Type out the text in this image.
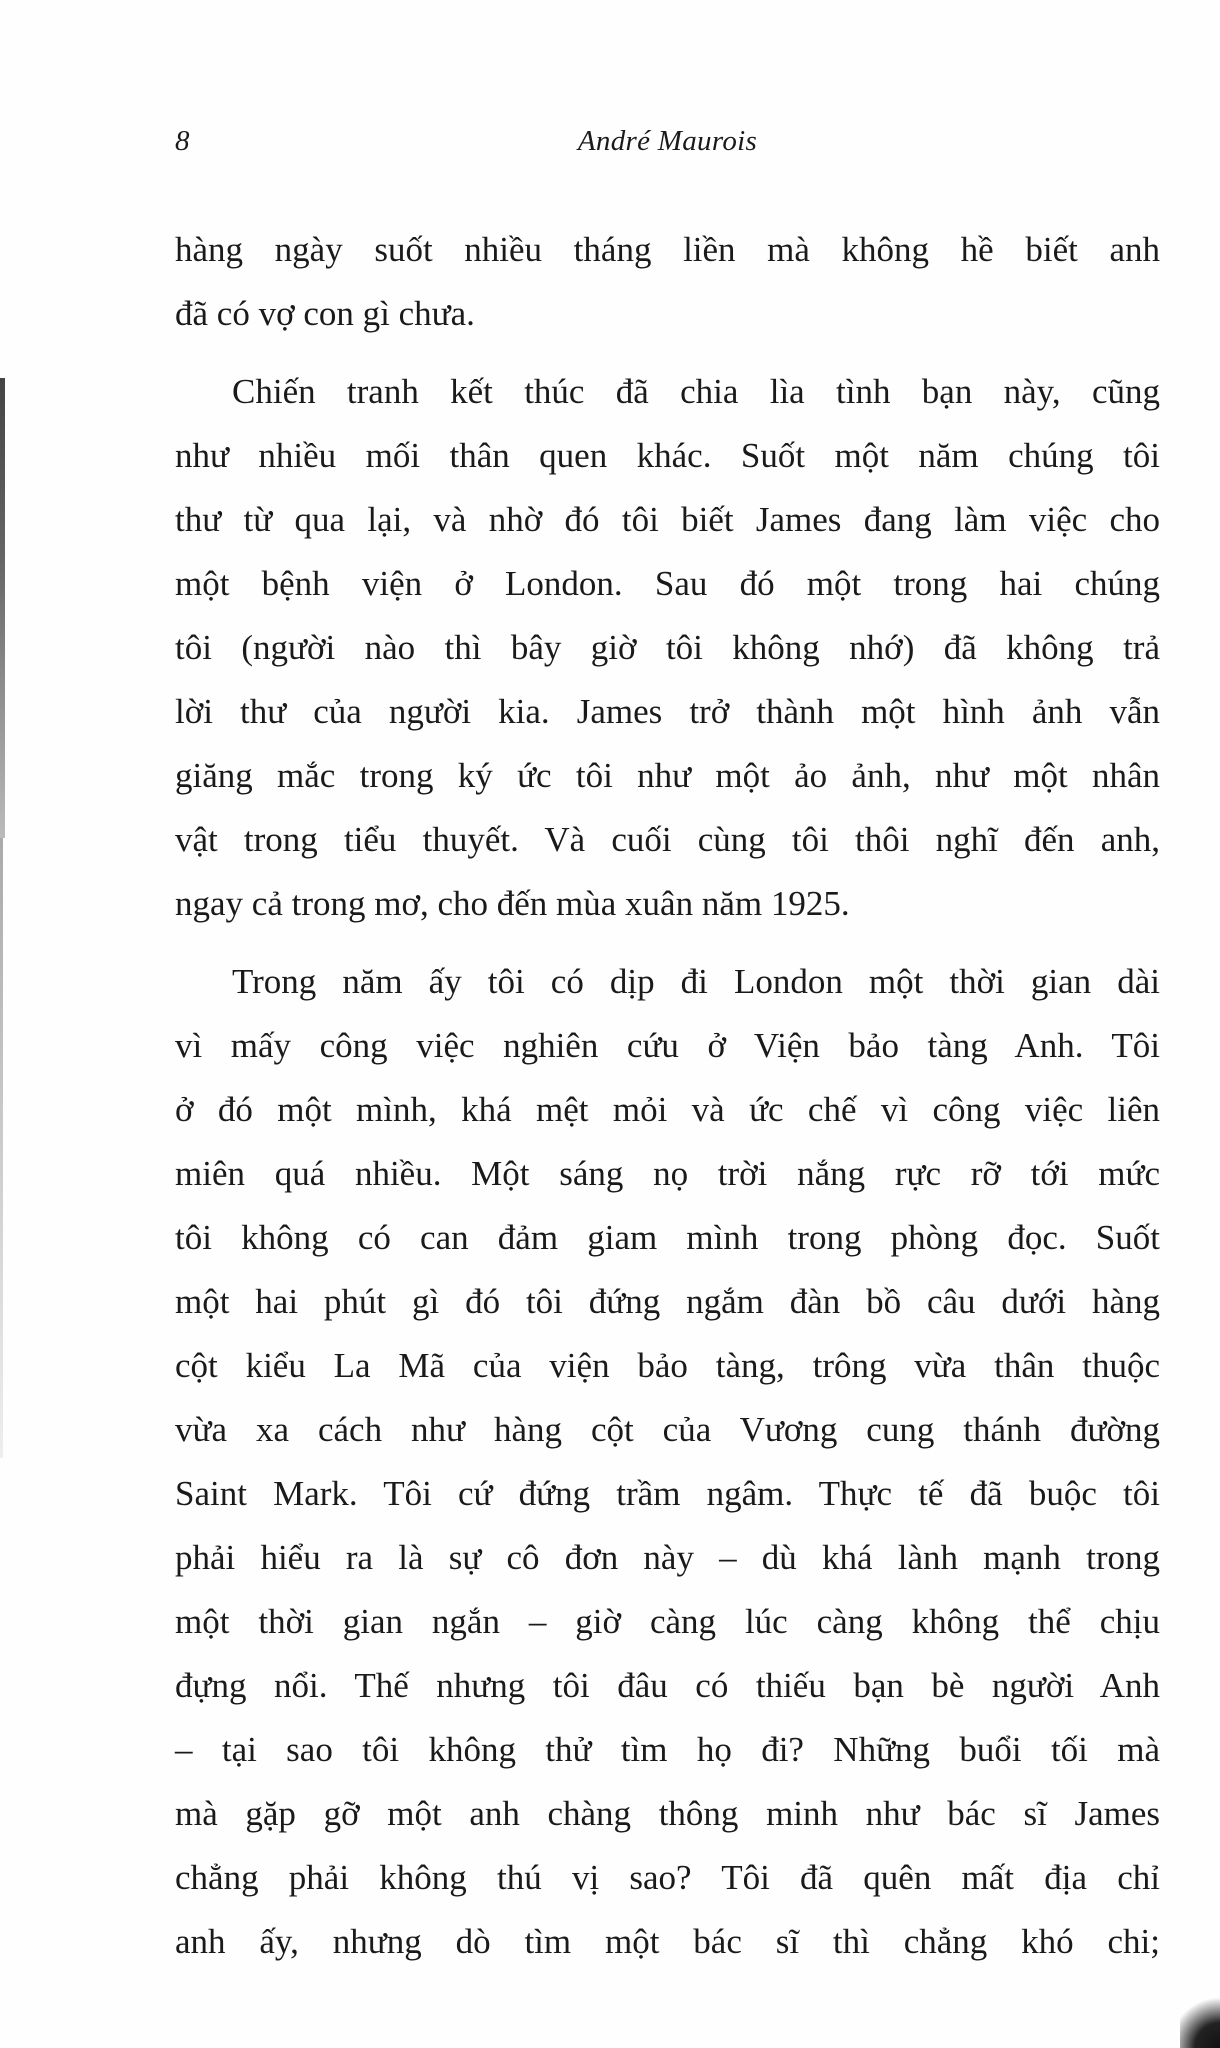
8	André Maurois
hàng ngày suốt nhiều tháng liền mà không hề biết anh
đã có vợ con gì chưa.
Chiến tranh kết thúc đã chia lìa tình bạn này, cũng
như nhiều mối thân quen khác. Suốt một năm chúng tôi
thư từ qua lại, và nhờ đó tôi biết James đang làm việc cho
một bệnh viện ở London. Sau đó một trong hai chúng
tôi (người nào thì bây giờ tôi không nhớ) đã không trả
lời thư của người kia. James trở thành một hình ảnh vẫn
giăng mắc trong ký ức tôi như một ảo ảnh, như một nhân
vật trong tiểu thuyết. Và cuối cùng tôi thôi nghĩ đến anh,
ngay cả trong mơ, cho đến mùa xuân năm 1925.
Trong năm ấy tôi có dịp đi London một thời gian dài
vì mấy công việc nghiên cứu ở Viện bảo tàng Anh. Tôi
ở đó một mình, khá mệt mỏi và ức chế vì công việc liên
miên quá nhiều. Một sáng nọ trời nắng rực rỡ tới mức
tôi không có can đảm giam mình trong phòng đọc. Suốt
một hai phút gì đó tôi đứng ngắm đàn bồ câu dưới hàng
cột kiểu La Mã của viện bảo tàng, trông vừa thân thuộc
vừa xa cách như hàng cột của Vương cung thánh đường
Saint Mark. Tôi cứ đứng trầm ngâm. Thực tế đã buộc tôi
phải hiểu ra là sự cô đơn này – dù khá lành mạnh trong
một thời gian ngắn – giờ càng lúc càng không thể chịu
đựng nổi. Thế nhưng tôi đâu có thiếu bạn bè người Anh
– tại sao tôi không thử tìm họ đi? Những buổi tối mà
mà gặp gỡ một anh chàng thông minh như bác sĩ James
chẳng phải không thú vị sao? Tôi đã quên mất địa chỉ
anh ấy, nhưng dò tìm một bác sĩ thì chẳng khó chi;
